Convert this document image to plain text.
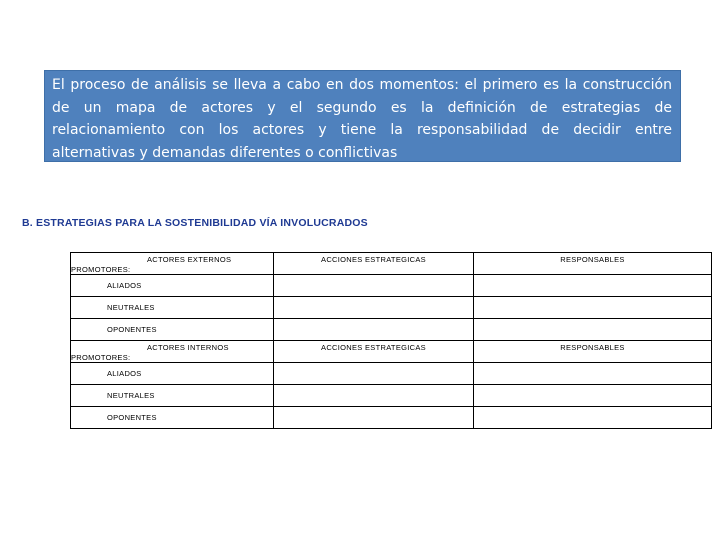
El proceso de análisis se lleva a cabo en dos momentos: el primero es la construcción
de un mapa de actores y el segundo es la definición de estrategias de
relacionamiento con los actores y tiene la responsabilidad de decidir entre
alternativas y demandas diferentes o conflictivas
B. ESTRATEGIAS PARA LA SOSTENIBILIDAD VÍA INVOLUCRADOS
ACTORES EXTERNOS
PROMOTORES:	ACCIONES ESTRATEGICAS	RESPONSABLES

ALIADOS		
NEUTRALES		
OPONENTES		

ACTORES INTERNOS
PROMOTORES:	ACCIONES ESTRATEGICAS	RESPONSABLES

ALIADOS		
NEUTRALES		
OPONENTES		
